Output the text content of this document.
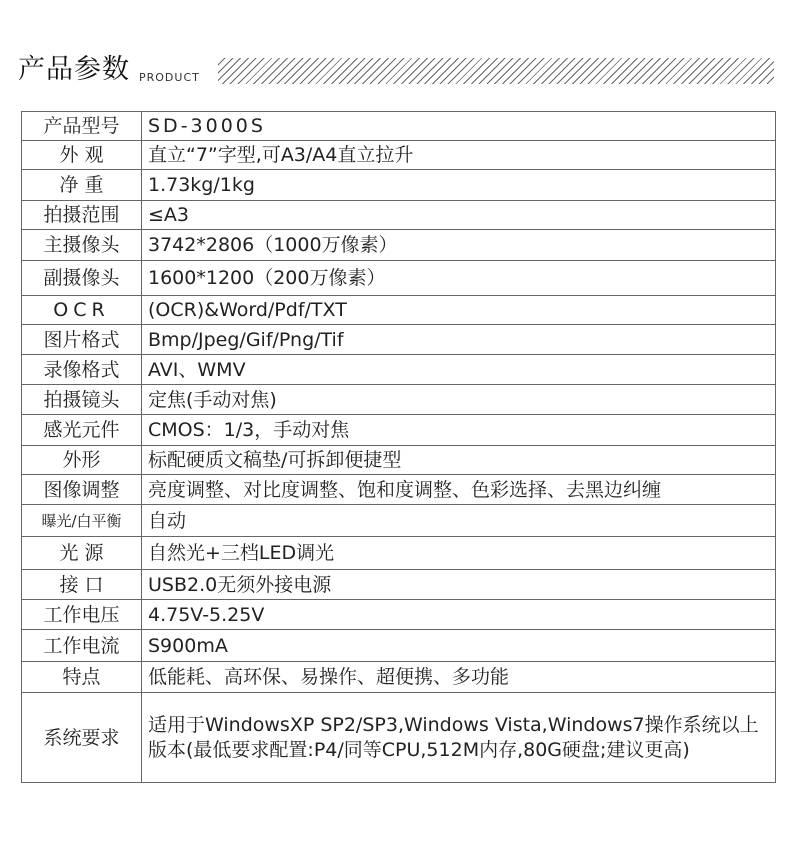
产品参数 PRODUCT
产品型号	SD-3000S
外 观	直立“7”字型,可A3/A4直立拉升
净 重	1.73kg/1kg
拍摄范围	≤A3
主摄像头	3742*2806（1000万像素）
副摄像头	1600*1200（200万像素）
OCR	(OCR)&Word/Pdf/TXT
图片格式	Bmp/Jpeg/Gif/Png/Tif
录像格式	AVI、WMV
拍摄镜头	定焦(手动对焦)
感光元件	CMOS：1/3，手动对焦
外形	标配硬质文稿垫/可拆卸便捷型
图像调整	亮度调整、对比度调整、饱和度调整、色彩选择、去黑边纠缠
曝光/白平衡	自动
光 源	自然光+三档LED调光
接 口	USB2.0无须外接电源
工作电压	4.75V-5.25V
工作电流	S900mA
特点	低能耗、高环保、易操作、超便携、多功能
系统要求	适用于WindowsXP SP2/SP3,Windows Vista,Windows7操作系统以上版本(最低要求配置:P4/同等CPU,512M内存,80G硬盘;建议更高)
